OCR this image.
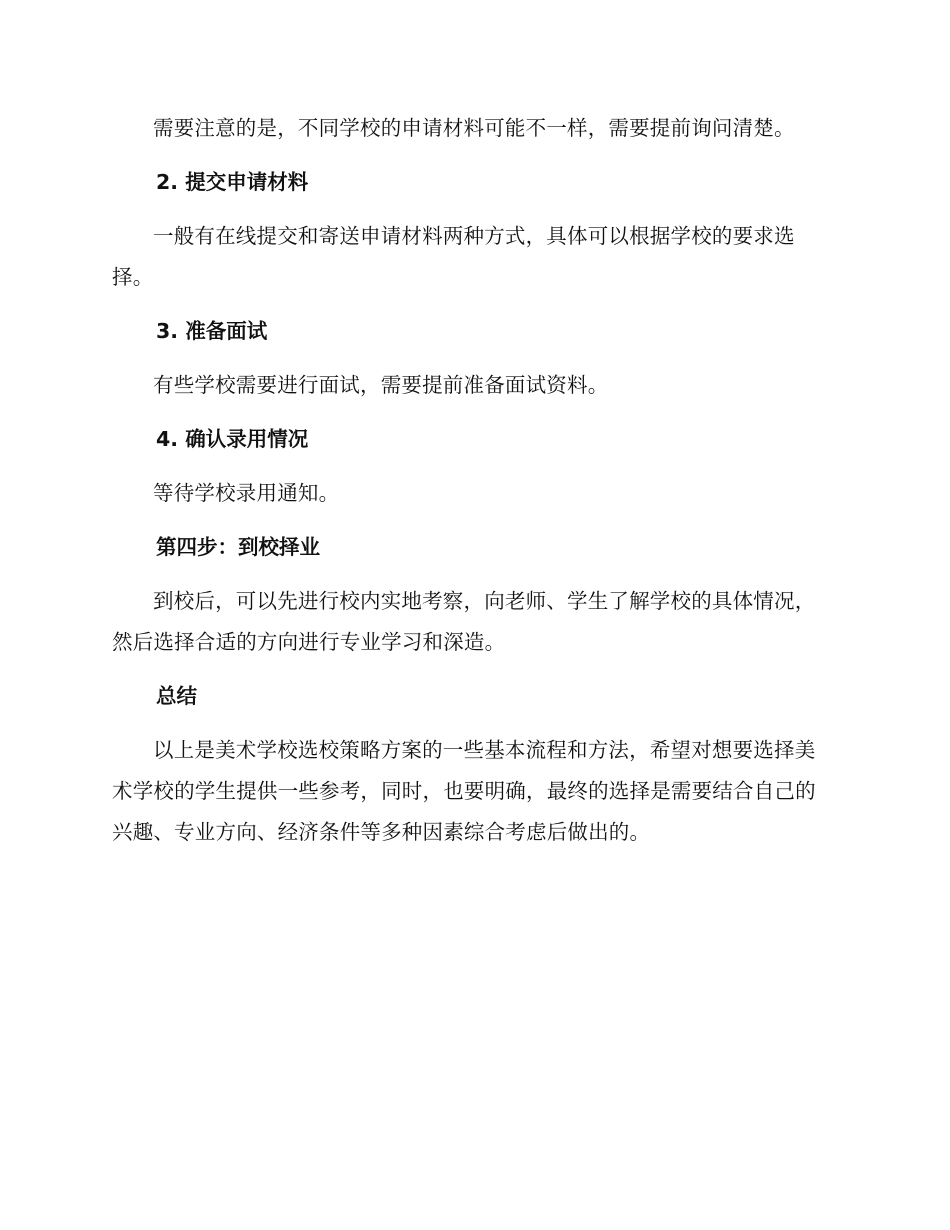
需要注意的是，不同学校的申请材料可能不一样，需要提前询问清楚。

2. 提交申请材料

一般有在线提交和寄送申请材料两种方式，具体可以根据学校的要求选择。

3. 准备面试

有些学校需要进行面试，需要提前准备面试资料。

4. 确认录用情况

等待学校录用通知。

第四步：到校择业

到校后，可以先进行校内实地考察，向老师、学生了解学校的具体情况，然后选择合适的方向进行专业学习和深造。

总结

以上是美术学校选校策略方案的一些基本流程和方法，希望对想要选择美术学校的学生提供一些参考，同时，也要明确，最终的选择是需要结合自己的兴趣、专业方向、经济条件等多种因素综合考虑后做出的。
